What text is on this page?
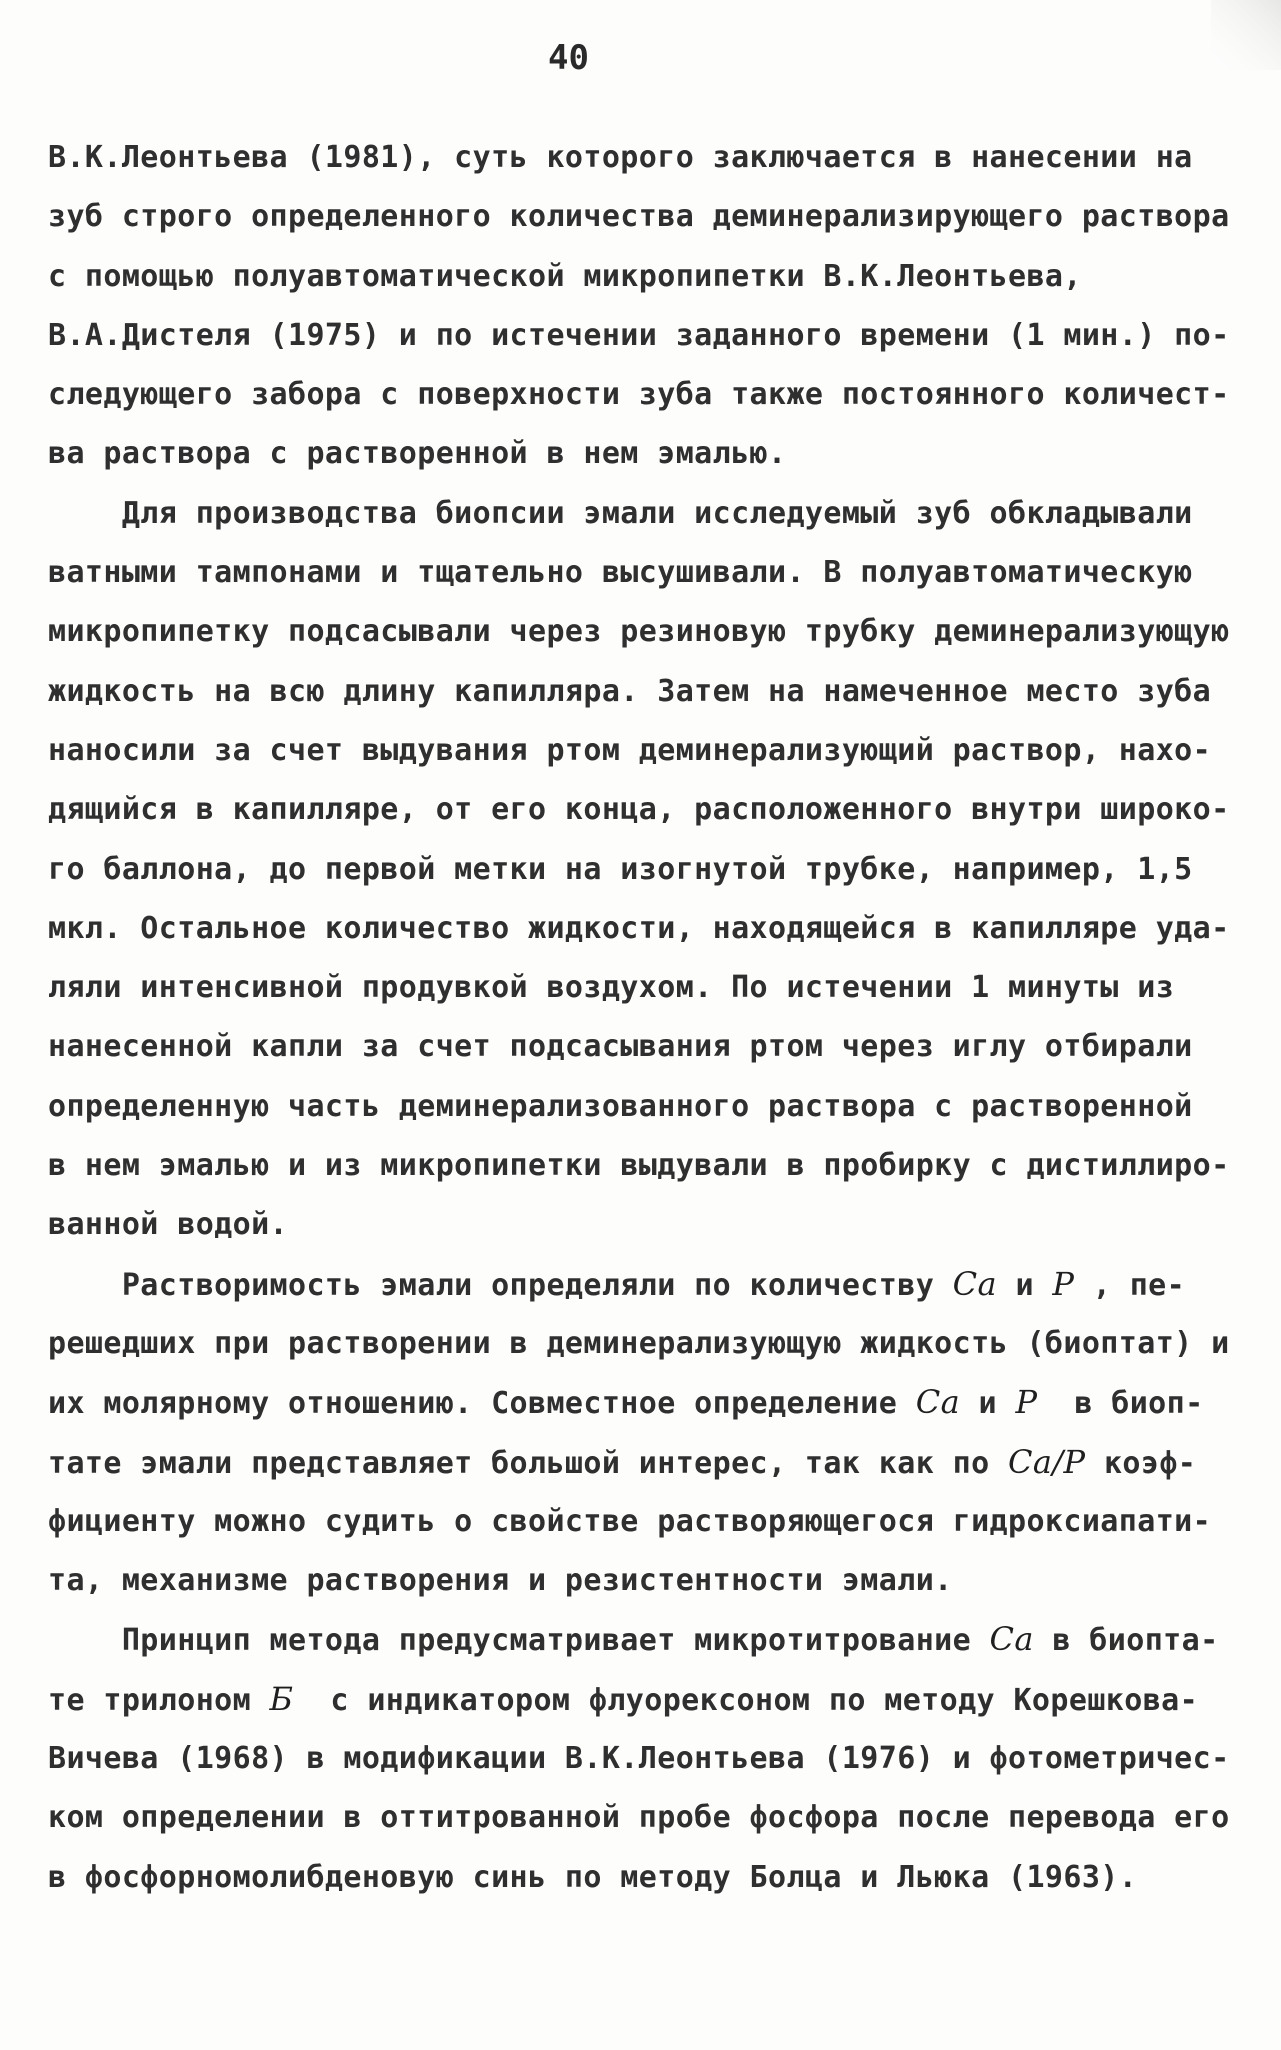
40
В.К.Леонтьева (1981), суть которого заключается в нанесении на
зуб строго определенного количества деминерализирующего раствора
с помощью полуавтоматической микропипетки В.К.Леонтьева,
В.А.Дистеля (1975) и по истечении заданного времени (1 мин.) по-
следующего забора с поверхности зуба также постоянного количест-
ва раствора с растворенной в нем эмалью.
Для производства биопсии эмали исследуемый зуб обкладывали
ватными тампонами и тщательно высушивали. В полуавтоматическую
микропипетку подсасывали через резиновую трубку деминерализующую
жидкость на всю длину капилляра. Затем на намеченное место зуба
наносили за счет выдувания ртом деминерализующий раствор, нахо-
дящийся в капилляре, от его конца, расположенного внутри широко-
го баллона, до первой метки на изогнутой трубке, например, 1,5
мкл. Остальное количество жидкости, находящейся в капилляре уда-
ляли интенсивной продувкой воздухом. По истечении 1 минуты из
нанесенной капли за счет подсасывания ртом через иглу отбирали
определенную часть деминерализованного раствора с растворенной
в нем эмалью и из микропипетки выдували в пробирку с дистиллиро-
ванной водой.
Растворимость эмали определяли по количеству Ca и P , пе-
решедших при растворении в деминерализующую жидкость (биоптат) и
их молярному отношению. Совместное определение Ca и P  в биоп-
тате эмали представляет большой интерес, так как по Ca/P коэф-
фициенту можно судить о свойстве растворяющегося гидроксиапати-
та, механизме растворения и резистентности эмали.
Принцип метода предусматривает микротитрование Ca в биопта-
те трилоном Б  с индикатором флуорексоном по методу Корешкова-
Вичева (1968) в модификации В.К.Леонтьева (1976) и фотометричес-
ком определении в оттитрованной пробе фосфора после перевода его
в фосфорномолибденовую синь по методу Болца и Льюка (1963).
